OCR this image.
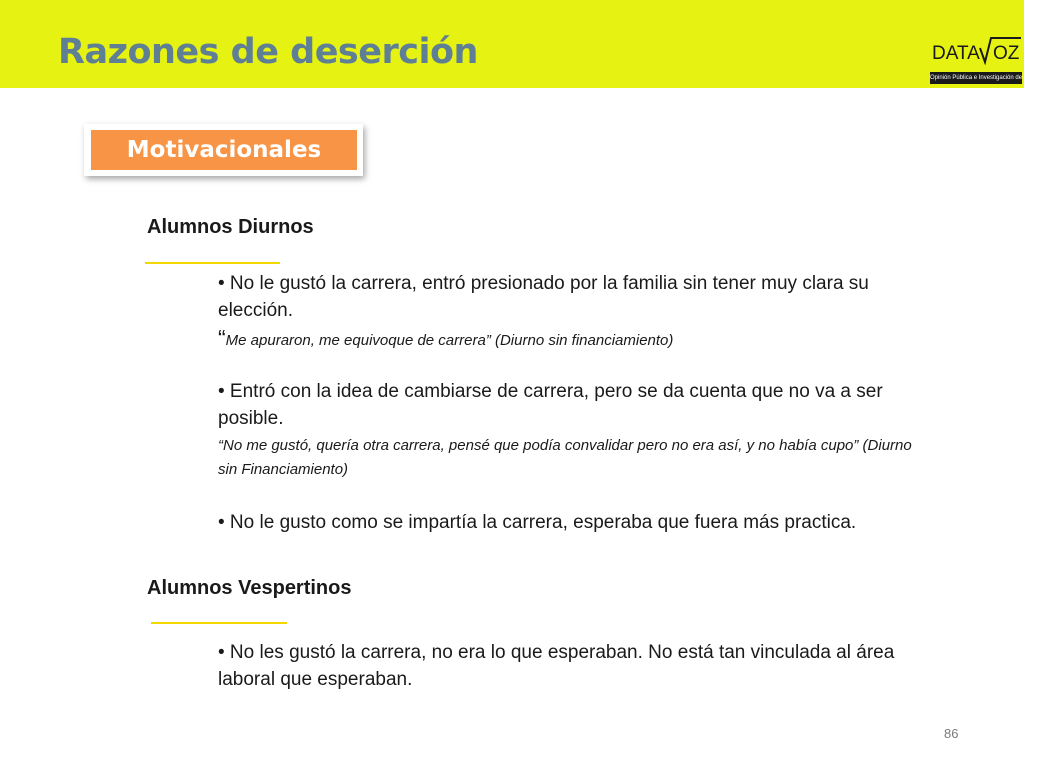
Razones de deserción	DATA OZ
Opinión Pública e Investigación de Mercado
Motivacionales
Alumnos Diurnos

• No le gustó la carrera, entró presionado por la familia sin tener muy clara su elección.

“Me apuraron, me equivoque de carrera” (Diurno sin financiamiento)

• Entró con la idea de cambiarse de carrera, pero se da cuenta que no va a ser posible.

“No me gustó, quería otra carrera, pensé que podía convalidar pero no era así, y no había cupo” (Diurno sin Financiamiento)

• No le gusto como se impartía la carrera, esperaba que fuera más practica.

Alumnos Vespertinos

• No les gustó la carrera, no era lo que esperaban. No está tan vinculada al área laboral que esperaban.

86
